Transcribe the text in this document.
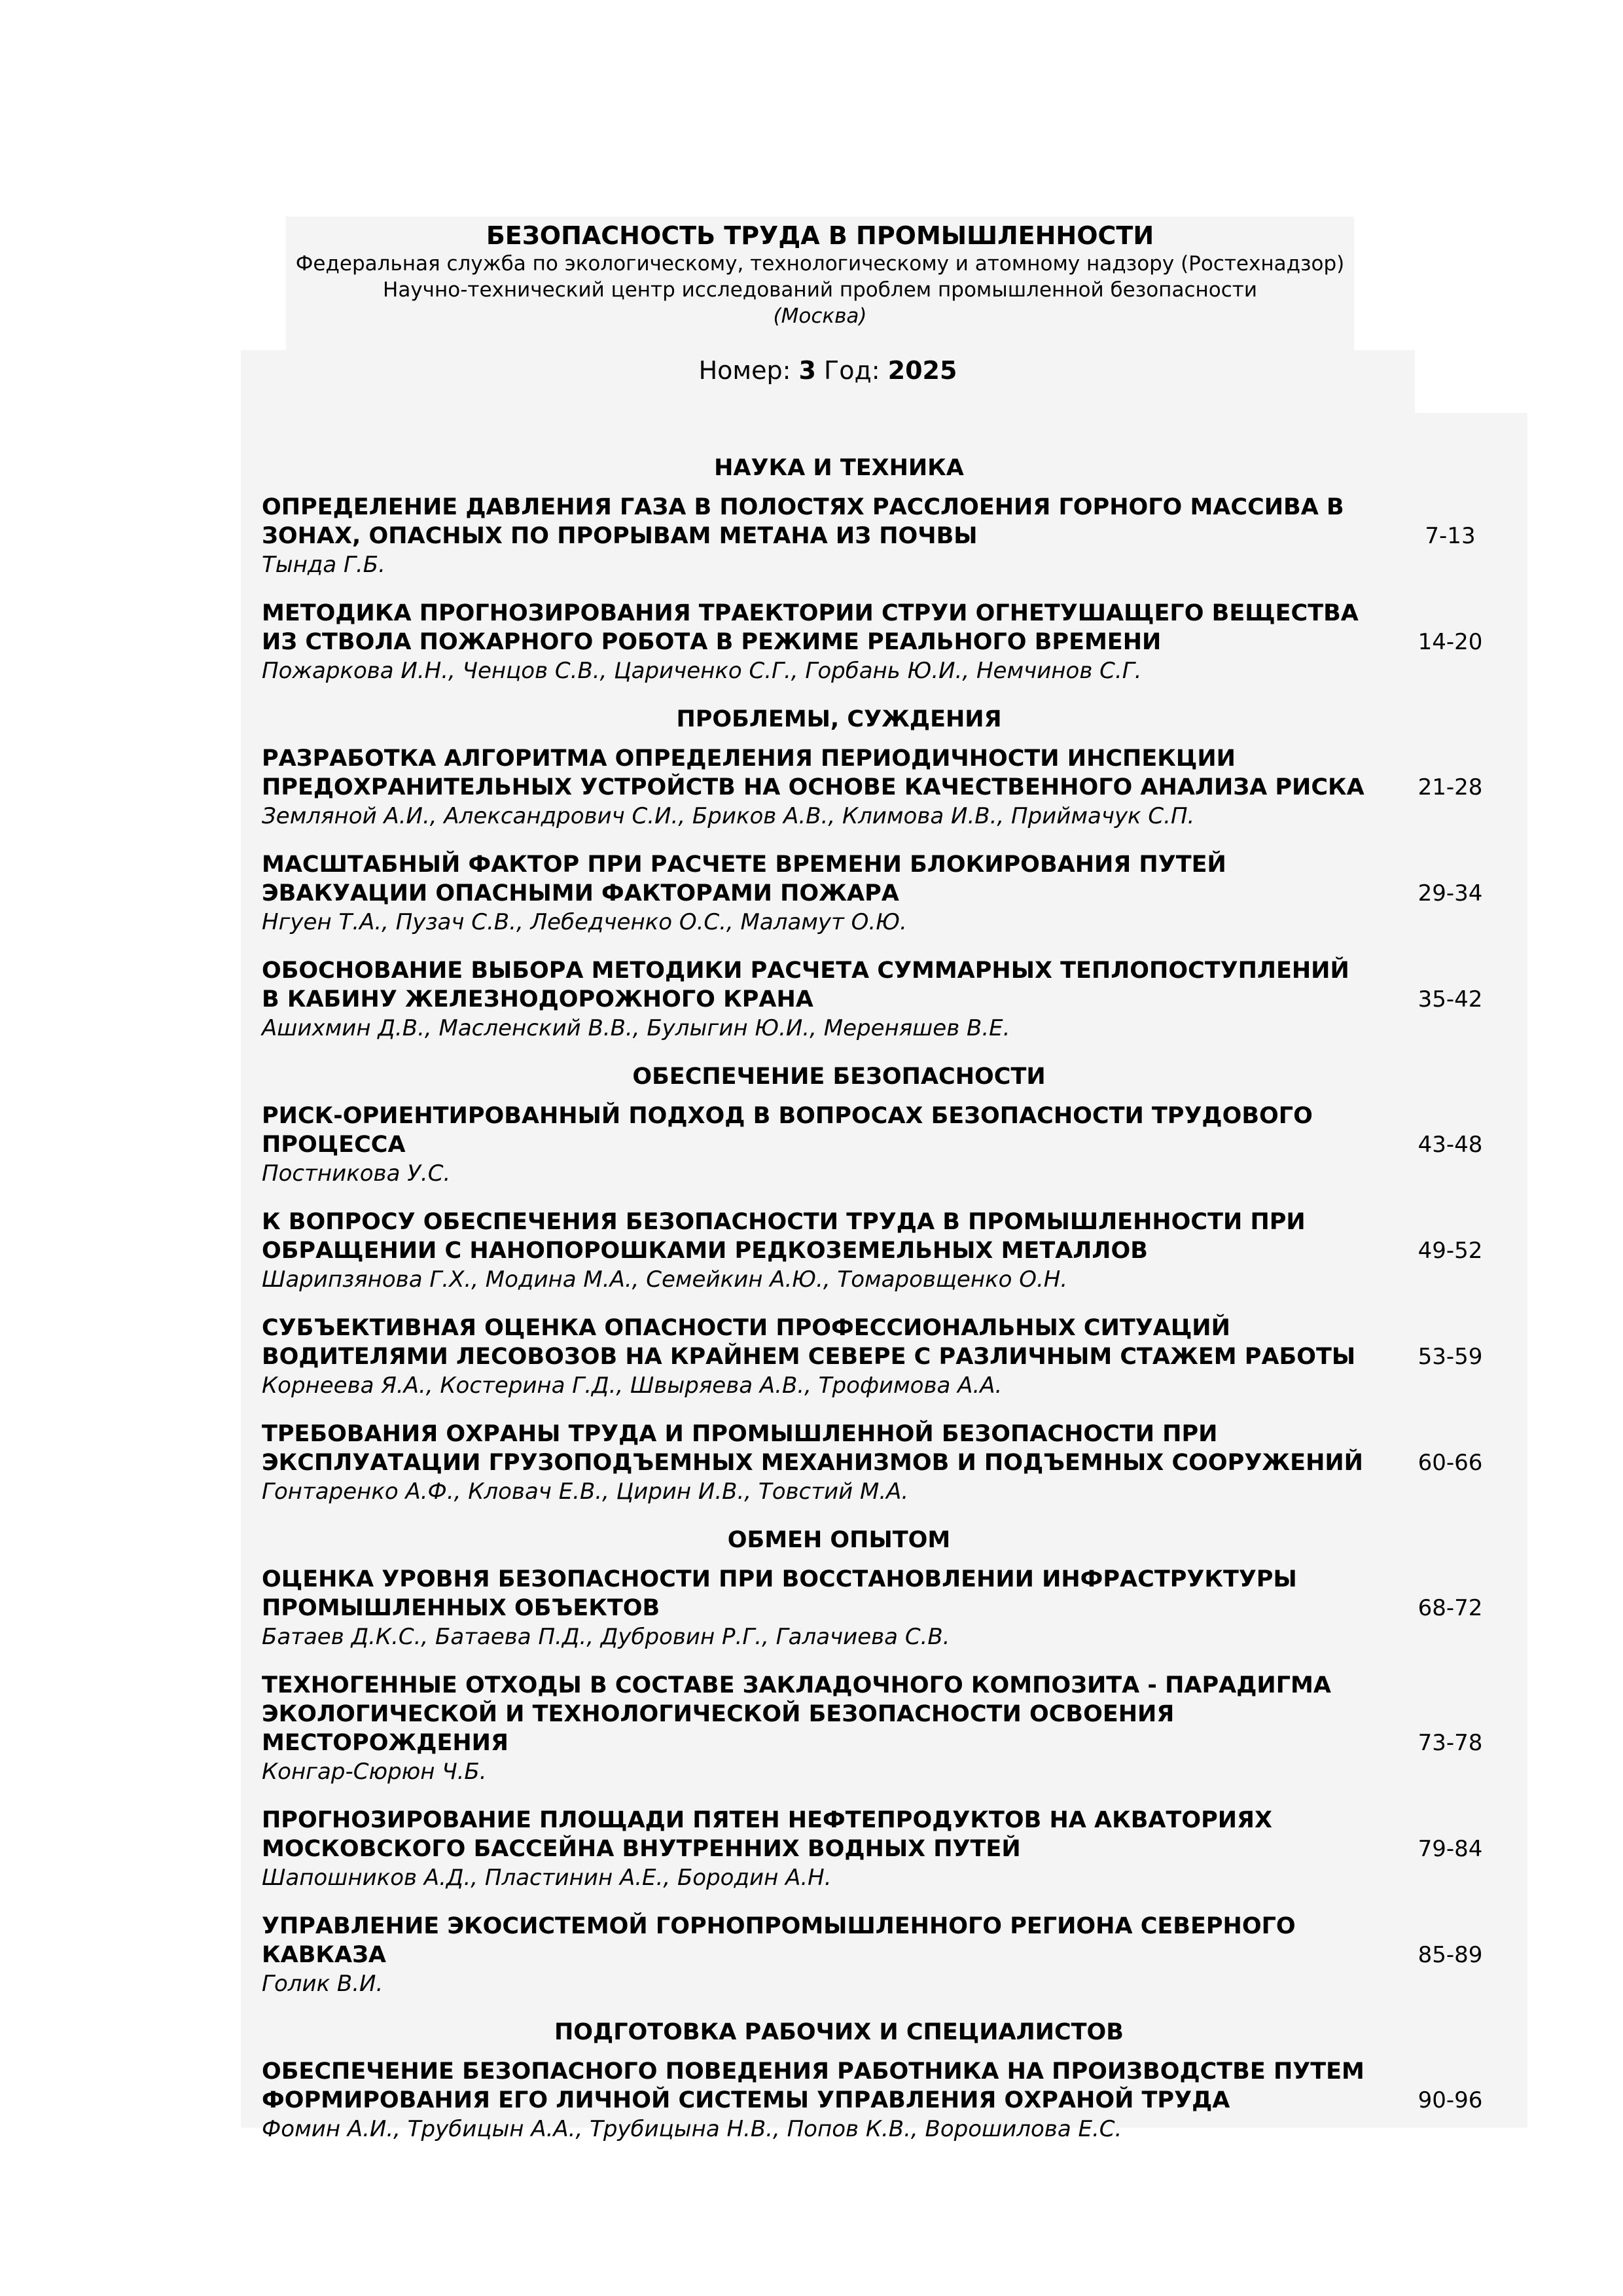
БЕЗОПАСНОСТЬ ТРУДА В ПРОМЫШЛЕННОСТИ
Федеральная служба по экологическому, технологическому и атомному надзору (Ростехнадзор)
Научно-технический центр исследований проблем промышленной безопасности
(Москва)
Номер: 3 Год: 2025
НАУКА И ТЕХНИКА
ОПРЕДЕЛЕНИЕ ДАВЛЕНИЯ ГАЗА В ПОЛОСТЯХ РАССЛОЕНИЯ ГОРНОГО МАССИВА В ЗОНАХ, ОПАСНЫХ ПО ПРОРЫВАМ МЕТАНА ИЗ ПОЧВЫ
Тында Г.Б.
7-13
МЕТОДИКА ПРОГНОЗИРОВАНИЯ ТРАЕКТОРИИ СТРУИ ОГНЕТУШАЩЕГО ВЕЩЕСТВА ИЗ СТВОЛА ПОЖАРНОГО РОБОТА В РЕЖИМЕ РЕАЛЬНОГО ВРЕМЕНИ
Пожаркова И.Н., Ченцов С.В., Цариченко С.Г., Горбань Ю.И., Немчинов С.Г.
14-20
ПРОБЛЕМЫ, СУЖДЕНИЯ
РАЗРАБОТКА АЛГОРИТМА ОПРЕДЕЛЕНИЯ ПЕРИОДИЧНОСТИ ИНСПЕКЦИИ ПРЕДОХРАНИТЕЛЬНЫХ УСТРОЙСТВ НА ОСНОВЕ КАЧЕСТВЕННОГО АНАЛИЗА РИСКА
Земляной А.И., Александрович С.И., Бриков А.В., Климова И.В., Приймачук С.П.
21-28
МАСШТАБНЫЙ ФАКТОР ПРИ РАСЧЕТЕ ВРЕМЕНИ БЛОКИРОВАНИЯ ПУТЕЙ ЭВАКУАЦИИ ОПАСНЫМИ ФАКТОРАМИ ПОЖАРА
Нгуен Т.А., Пузач С.В., Лебедченко О.С., Маламут О.Ю.
29-34
ОБОСНОВАНИЕ ВЫБОРА МЕТОДИКИ РАСЧЕТА СУММАРНЫХ ТЕПЛОПОСТУПЛЕНИЙ В КАБИНУ ЖЕЛЕЗНОДОРОЖНОГО КРАНА
Ашихмин Д.В., Масленский В.В., Булыгин Ю.И., Мереняшев В.Е.
35-42
ОБЕСПЕЧЕНИЕ БЕЗОПАСНОСТИ
РИСК-ОРИЕНТИРОВАННЫЙ ПОДХОД В ВОПРОСАХ БЕЗОПАСНОСТИ ТРУДОВОГО ПРОЦЕССА
Постникова У.С.
43-48
К ВОПРОСУ ОБЕСПЕЧЕНИЯ БЕЗОПАСНОСТИ ТРУДА В ПРОМЫШЛЕННОСТИ ПРИ ОБРАЩЕНИИ С НАНОПОРОШКАМИ РЕДКОЗЕМЕЛЬНЫХ МЕТАЛЛОВ
Шарипзянова Г.Х., Модина М.А., Семейкин А.Ю., Томаровщенко О.Н.
49-52
СУБЪЕКТИВНАЯ ОЦЕНКА ОПАСНОСТИ ПРОФЕССИОНАЛЬНЫХ СИТУАЦИЙ ВОДИТЕЛЯМИ ЛЕСОВОЗОВ НА КРАЙНЕМ СЕВЕРЕ С РАЗЛИЧНЫМ СТАЖЕМ РАБОТЫ
Корнеева Я.А., Костерина Г.Д., Швыряева А.В., Трофимова А.А.
53-59
ТРЕБОВАНИЯ ОХРАНЫ ТРУДА И ПРОМЫШЛЕННОЙ БЕЗОПАСНОСТИ ПРИ ЭКСПЛУАТАЦИИ ГРУЗОПОДЪЕМНЫХ МЕХАНИЗМОВ И ПОДЪЕМНЫХ СООРУЖЕНИЙ
Гонтаренко А.Ф., Кловач Е.В., Цирин И.В., Товстий М.А.
60-66
ОБМЕН ОПЫТОМ
ОЦЕНКА УРОВНЯ БЕЗОПАСНОСТИ ПРИ ВОССТАНОВЛЕНИИ ИНФРАСТРУКТУРЫ ПРОМЫШЛЕННЫХ ОБЪЕКТОВ
Батаев Д.К.С., Батаева П.Д., Дубровин Р.Г., Галачиева С.В.
68-72
ТЕХНОГЕННЫЕ ОТХОДЫ В СОСТАВЕ ЗАКЛАДОЧНОГО КОМПОЗИТА - ПАРАДИГМА ЭКОЛОГИЧЕСКОЙ И ТЕХНОЛОГИЧЕСКОЙ БЕЗОПАСНОСТИ ОСВОЕНИЯ МЕСТОРОЖДЕНИЯ
Конгар-Сюрюн Ч.Б.
73-78
ПРОГНОЗИРОВАНИЕ ПЛОЩАДИ ПЯТЕН НЕФТЕПРОДУКТОВ НА АКВАТОРИЯХ МОСКОВСКОГО БАССЕЙНА ВНУТРЕННИХ ВОДНЫХ ПУТЕЙ
Шапошников А.Д., Пластинин А.Е., Бородин А.Н.
79-84
УПРАВЛЕНИЕ ЭКОСИСТЕМОЙ ГОРНОПРОМЫШЛЕННОГО РЕГИОНА СЕВЕРНОГО КАВКАЗА
Голик В.И.
85-89
ПОДГОТОВКА РАБОЧИХ И СПЕЦИАЛИСТОВ
ОБЕСПЕЧЕНИЕ БЕЗОПАСНОГО ПОВЕДЕНИЯ РАБОТНИКА НА ПРОИЗВОДСТВЕ ПУТЕМ ФОРМИРОВАНИЯ ЕГО ЛИЧНОЙ СИСТЕМЫ УПРАВЛЕНИЯ ОХРАНОЙ ТРУДА
Фомин А.И., Трубицын А.А., Трубицына Н.В., Попов К.В., Ворошилова Е.С.
90-96
